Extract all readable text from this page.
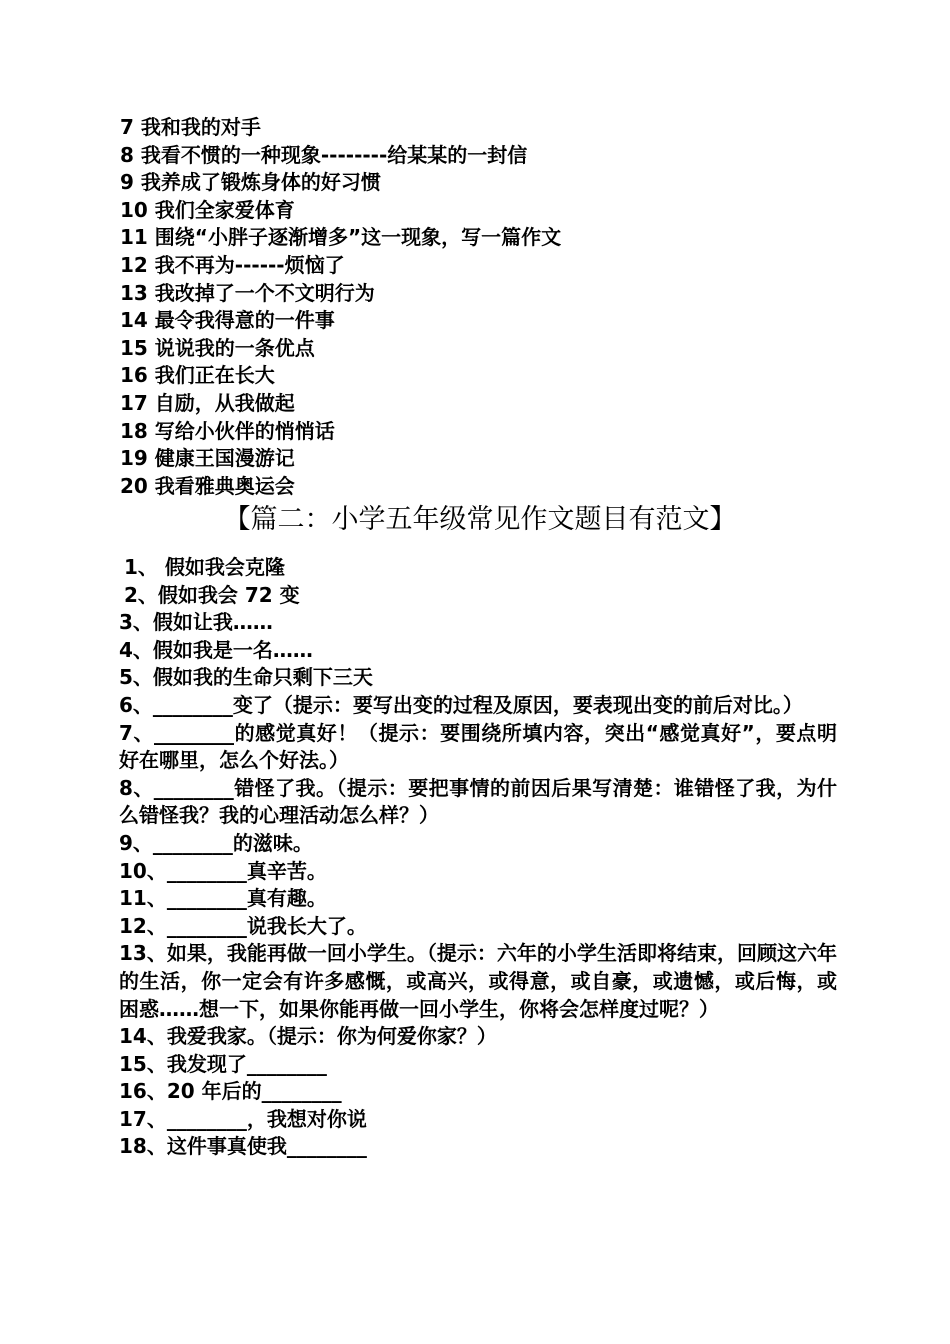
7 我和我的对手
8 我看不惯的一种现象--------给某某的一封信
9 我养成了锻炼身体的好习惯
10 我们全家爱体育
11 围绕“小胖子逐渐增多”这一现象，写一篇作文
12 我不再为------烦恼了
13 我改掉了一个不文明行为
14 最令我得意的一件事
15 说说我的一条优点
16 我们正在长大
17 自励，从我做起
18 写给小伙伴的悄悄话
19 健康王国漫游记
20 我看雅典奥运会
【篇二：小学五年级常见作文题目有范文】
1、 假如我会克隆
2、假如我会 72 变
3、假如让我……
4、假如我是一名……
5、假如我的生命只剩下三天
6、________变了（提示：要写出变的过程及原因，要表现出变的前后对比。）
7、________的感觉真好！（提示：要围绕所填内容，突出“感觉真好”，要点明好在哪里，怎么个好法。）
8、________错怪了我。（提示：要把事情的前因后果写清楚：谁错怪了我，为什么错怪我？我的心理活动怎么样？）
9、________的滋味。
10、________真辛苦。
11、________真有趣。
12、________说我长大了。
13、如果，我能再做一回小学生。（提示：六年的小学生活即将结束，回顾这六年的生活，你一定会有许多感慨，或高兴，或得意，或自豪，或遗憾，或后悔，或困惑……想一下，如果你能再做一回小学生，你将会怎样度过呢？）
14、我爱我家。（提示：你为何爱你家？）
15、我发现了________
16、20 年后的________
17、________，我想对你说
18、这件事真使我________
